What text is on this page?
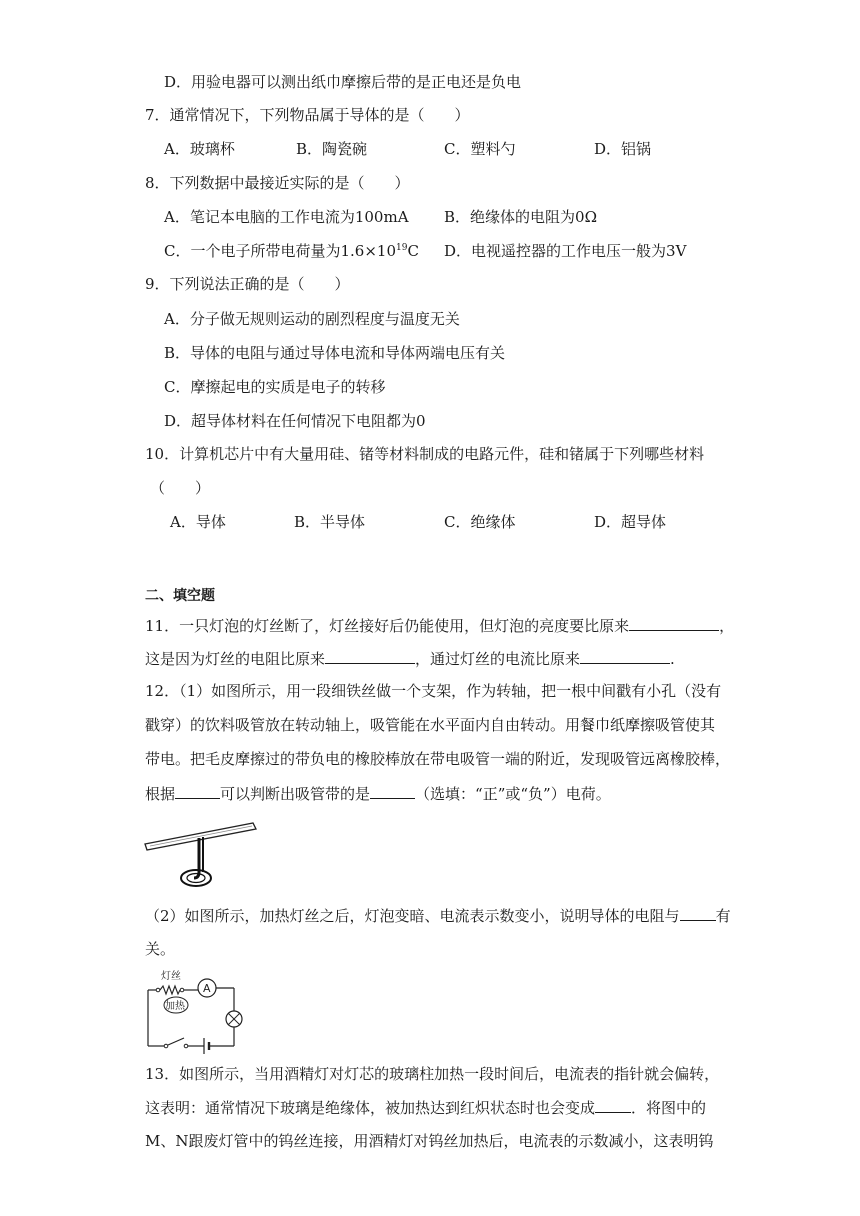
D．用验电器可以测出纸巾摩擦后带的是正电还是负电
7．通常情况下，下列物品属于导体的是（　　）
A．玻璃杯	B．陶瓷碗	C．塑料勺	D．铝锅
8．下列数据中最接近实际的是（　　）
A．笔记本电脑的工作电流为100mA B．绝缘体的电阻为0Ω
C．一个电子所带电荷量为$1.6\times 10^{19}C$ D．电视遥控器的工作电压一般为3V
9．下列说法正确的是（　　）
A．分子做无规则运动的剧烈程度与温度无关
B．导体的电阻与通过导体电流和导体两端电压有关
C．摩擦起电的实质是电子的转移
D．超导体材料在任何情况下电阻都为0
10．计算机芯片中有大量用硅、锗等材料制成的电路元件，硅和锗属于下列哪些材料
（　　）
A．导体	B．半导体	C．绝缘体	D．超导体
二、填空题
11．一只灯泡的灯丝断了，灯丝接好后仍能使用，但灯泡的亮度要比原来	，
这是因为灯丝的电阻比原来	，通过灯丝的电流比原来	.
12．（1）如图所示，用一段细铁丝做一个支架，作为转轴，把一根中间戳有小孔（没有
戳穿）的饮料吸管放在转动轴上，吸管能在水平面内自由转动。用餐巾纸摩擦吸管使其
带电。把毛皮摩擦过的带负电的橡胶棒放在带电吸管一端的附近，发现吸管远离橡胶棒，
根据	可以判断出吸管带的是	（选填：“正”或“负”）电荷。
（2）如图所示，加热灯丝之后，灯泡变暗、电流表示数变小，说明导体的电阻与 有
关。
灯丝
A
加热
13．如图所示，当用酒精灯对灯芯的玻璃柱加热一段时间后，电流表的指针就会偏转，
这表明：通常情况下玻璃是绝缘体，被加热达到红炽状态时也会变成 ．将图中的
M、N跟废灯管中的钨丝连接，用酒精灯对钨丝加热后，电流表的示数减小，这表明钨
